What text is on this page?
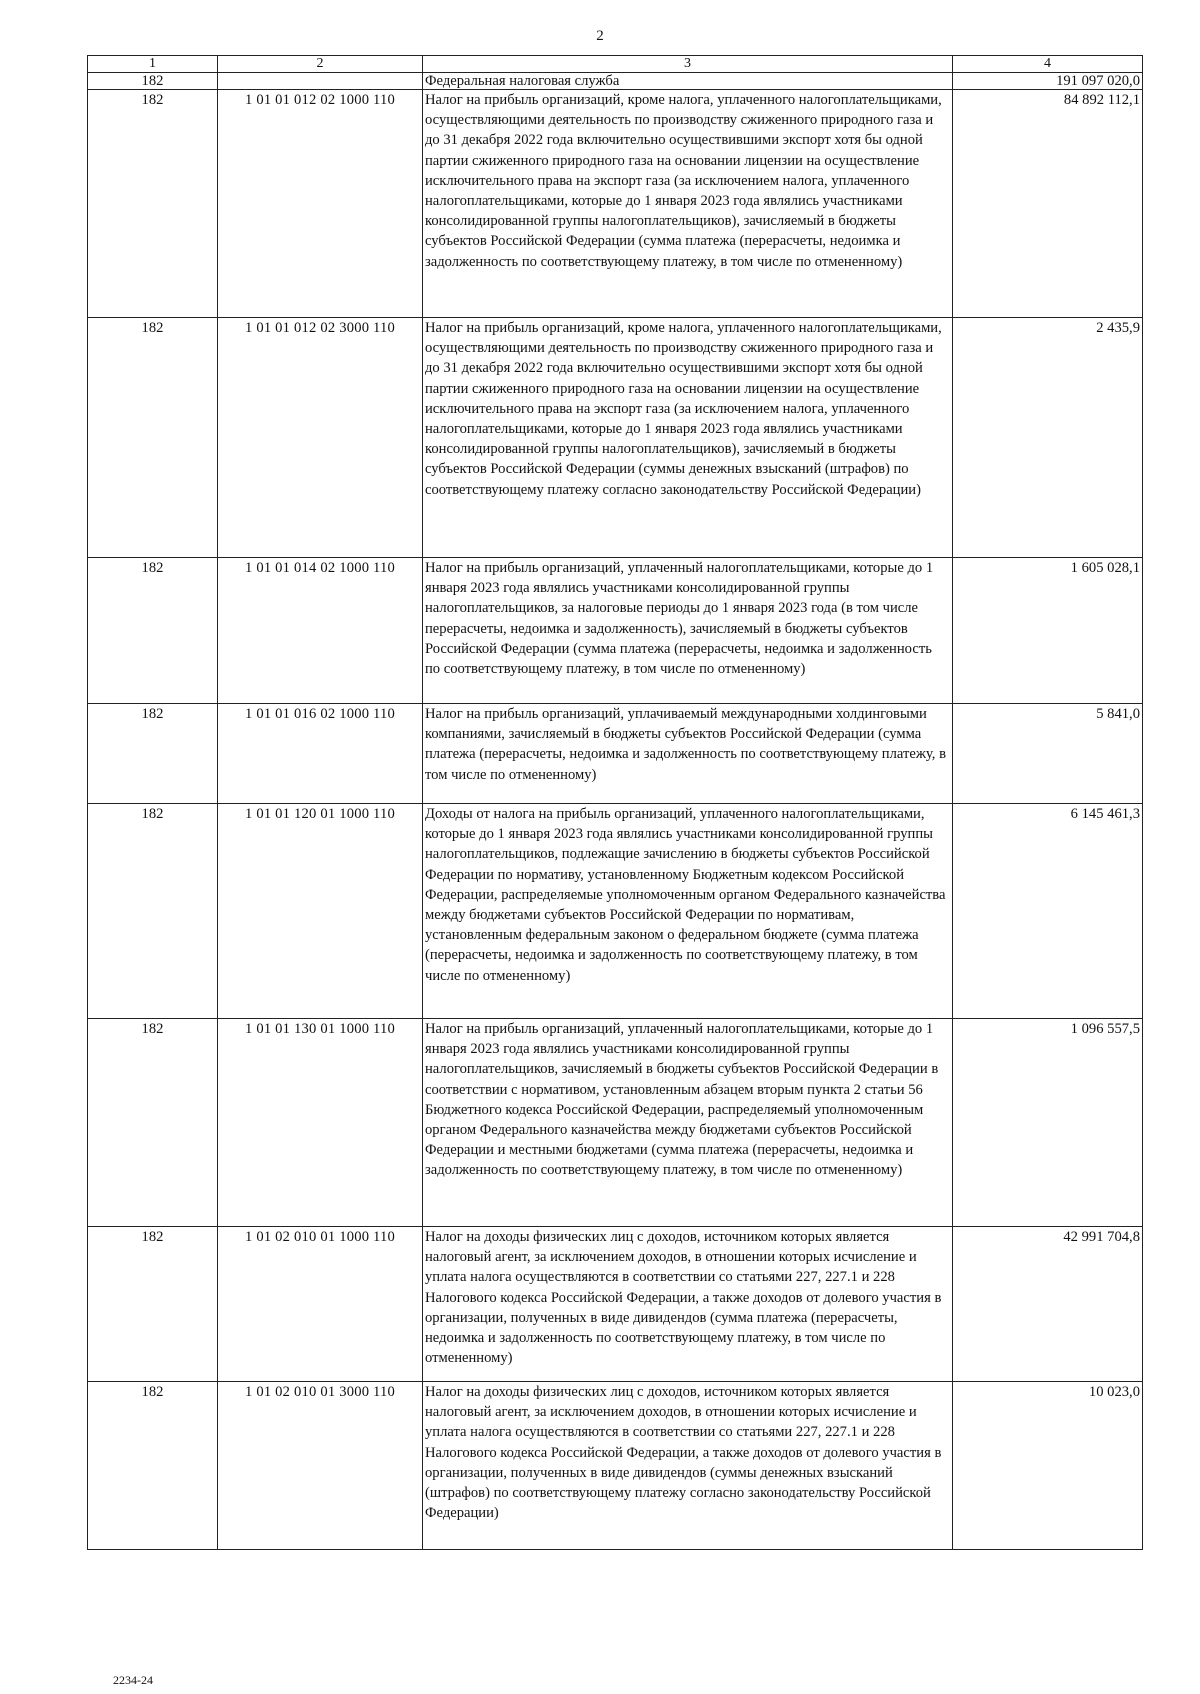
2
1	2	3	4
182		Федеральная налоговая служба	191 097 020,0
182	1 01 01 012 02 1000 110	Налог на прибыль организаций, кроме налога, уплаченного налогоплательщиками, осуществляющими деятельность по производству сжиженного природного газа и до 31 декабря 2022 года включительно осуществившими экспорт хотя бы одной партии сжиженного природного газа на основании лицензии на осуществление исключительного права на экспорт газа (за исключением налога, уплаченного налогоплательщиками, которые до 1 января 2023 года являлись участниками консолидированной группы налогоплательщиков), зачисляемый в бюджеты субъектов Российской Федерации (сумма платежа (перерасчеты, недоимка и задолженность по соответствующему платежу, в том числе по отмененному)	84 892 112,1
182	1 01 01 012 02 3000 110	Налог на прибыль организаций, кроме налога, уплаченного налогоплательщиками, осуществляющими деятельность по производству сжиженного природного газа и до 31 декабря 2022 года включительно осуществившими экспорт хотя бы одной партии сжиженного природного газа на основании лицензии на осуществление исключительного права на экспорт газа (за исключением налога, уплаченного налогоплательщиками, которые до 1 января 2023 года являлись участниками консолидированной группы налогоплательщиков), зачисляемый в бюджеты субъектов Российской Федерации (суммы денежных взысканий (штрафов) по соответствующему платежу согласно законодательству Российской Федерации)	2 435,9
182	1 01 01 014 02 1000 110	Налог на прибыль организаций, уплаченный налогоплательщиками, которые до 1 января 2023 года являлись участниками консолидированной группы налогоплательщиков, за налоговые периоды до 1 января 2023 года (в том числе перерасчеты, недоимка и задолженность), зачисляемый в бюджеты субъектов Российской Федерации (сумма платежа (перерасчеты, недоимка и задолженность по соответствующему платежу, в том числе по отмененному)	1 605 028,1
182	1 01 01 016 02 1000 110	Налог на прибыль организаций, уплачиваемый международными холдинговыми компаниями, зачисляемый в бюджеты субъектов Российской Федерации (сумма платежа (перерасчеты, недоимка и задолженность по соответствующему платежу, в том числе по отмененному)	5 841,0
182	1 01 01 120 01 1000 110	Доходы от налога на прибыль организаций, уплаченного налогоплательщиками, которые до 1 января 2023 года являлись участниками консолидированной группы налогоплательщиков, подлежащие зачислению в бюджеты субъектов Российской Федерации по нормативу, установленному Бюджетным кодексом Российской Федерации, распределяемые уполномоченным органом Федерального казначейства между бюджетами субъектов Российской Федерации по нормативам, установленным федеральным законом о федеральном бюджете (сумма платежа (перерасчеты, недоимка и задолженность по соответствующему платежу, в том числе по отмененному)	6 145 461,3
182	1 01 01 130 01 1000 110	Налог на прибыль организаций, уплаченный налогоплательщиками, которые до 1 января 2023 года являлись участниками консолидированной группы налогоплательщиков, зачисляемый в бюджеты субъектов Российской Федерации в соответствии с нормативом, установленным абзацем вторым пункта 2 статьи 56 Бюджетного кодекса Российской Федерации, распределяемый уполномоченным органом Федерального казначейства между бюджетами субъектов Российской Федерации и местными бюджетами (сумма платежа (перерасчеты, недоимка и задолженность по соответствующему платежу, в том числе по отмененному)	1 096 557,5
182	1 01 02 010 01 1000 110	Налог на доходы физических лиц с доходов, источником которых является налоговый агент, за исключением доходов, в отношении которых исчисление и уплата налога осуществляются в соответствии со статьями 227, 227.1 и 228 Налогового кодекса Российской Федерации, а также доходов от долевого участия в организации, полученных в виде дивидендов (сумма платежа (перерасчеты, недоимка и задолженность по соответствующему платежу, в том числе по отмененному)	42 991 704,8
182	1 01 02 010 01 3000 110	Налог на доходы физических лиц с доходов, источником которых является налоговый агент, за исключением доходов, в отношении которых исчисление и уплата налога осуществляются в соответствии со статьями 227, 227.1 и 228 Налогового кодекса Российской Федерации, а также доходов от долевого участия в организации, полученных в виде дивидендов (суммы денежных взысканий (штрафов) по соответствующему платежу согласно законодательству Российской Федерации)	10 023,0
2234-24
